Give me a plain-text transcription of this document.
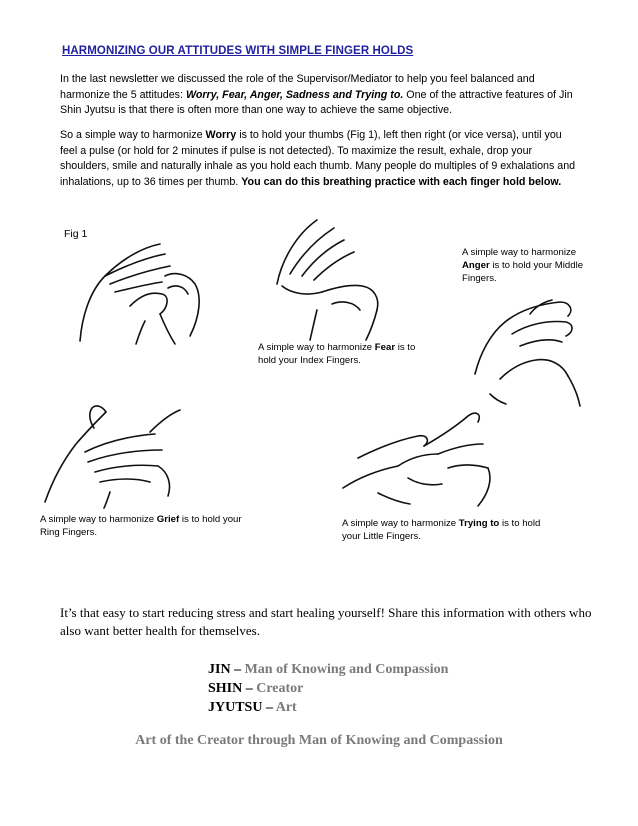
HARMONIZING OUR ATTITUDES WITH SIMPLE FINGER HOLDS
In the last newsletter we discussed the role of the Supervisor/Mediator to help you feel balanced and harmonize the 5 attitudes: Worry, Fear, Anger, Sadness and Trying to. One of the attractive features of Jin Shin Jyutsu is that there is often more than one way to achieve the same objective.
So a simple way to harmonize Worry is to hold your thumbs (Fig 1), left then right (or vice versa), until you feel a pulse (or hold for 2 minutes if pulse is not detected). To maximize the result, exhale, drop your shoulders, smile and naturally inhale as you hold each thumb. Many people do multiples of 9 exhalations and inhalations, up to 36 times per thumb. You can do this breathing practice with each finger hold below.
Fig 1
A simple way to harmonize Anger is to hold your Middle Fingers.
A simple way to harmonize Fear is to hold your Index Fingers.
A simple way to harmonize Grief is to hold your Ring Fingers.
A simple way to harmonize Trying to is to hold your Little Fingers.
It’s that easy to start reducing stress and start healing yourself! Share this information with others who also want better health for themselves.
JIN – Man of Knowing and Compassion
SHIN – Creator
JYUTSU – Art
Art of the Creator through Man of Knowing and Compassion
